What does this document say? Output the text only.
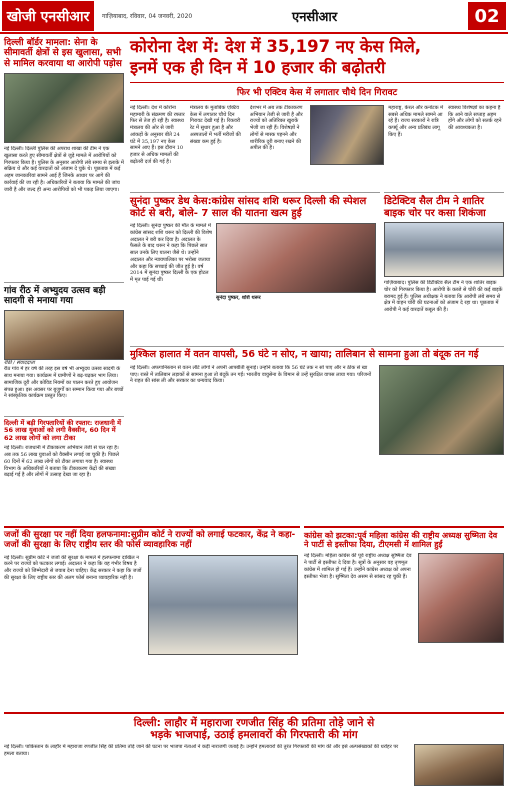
खोजी एनसीआर	गाज़ियाबाद, रविवार, 04 जनवरी, 2020	एनसीआर	02
दिल्ली बॉर्डर मामला: सेना के सीमावर्ती क्षेत्रों से इस खुलासा, सभी से मामिल करवाया था आरोपी पड़ोस
नई दिल्ली। दिल्ली पुलिस की अपराध शाखा की टीम ने एक खुलासा करते हुए सीमावर्ती क्षेत्रों से जुड़े मामले में आरोपियों को गिरफ्तार किया है। पुलिस के अनुसार आरोपी लंबे समय से इलाके में सक्रिय थे और कई वारदातों को अंजाम दे चुके थे। पूछताछ में कई अहम जानकारियां सामने आई हैं जिनके आधार पर आगे की कार्रवाई की जा रही है। अधिकारियों ने बताया कि मामले की जांच जारी है और जल्द ही अन्य आरोपियों को भी पकड़ लिया जाएगा।
गांव रीठ में अभ्युदय उत्सव बड़ी सादगी से मनाया गया
रीठी / संवाददाता
रीठ गांव में हर वर्ष की तरह इस वर्ष भी अभ्युदय उत्सव सादगी के साथ मनाया गया। कार्यक्रम में ग्रामीणों ने बढ़-चढ़कर भाग लिया। सामाजिक दूरी और कोविड नियमों का पालन करते हुए आयोजन संपन्न हुआ। इस अवसर पर बुजुर्गों का सम्मान किया गया और बच्चों ने सांस्कृतिक कार्यक्रम प्रस्तुत किए।
दिल्ली में बड़ी गिरफ्तारियों की रफ्तार: राजधानी में 56 लाख युवाओं को लगी वैक्सीन, 60 दिन में 62 लाख लोगों को लगा टीका
नई दिल्ली। राजधानी में टीकाकरण अभियान तेजी से चल रहा है। अब तक 56 लाख युवाओं को वैक्सीन लगाई जा चुकी है। पिछले 60 दिनों में 62 लाख लोगों को टीका लगाया गया है। स्वास्थ्य विभाग के अधिकारियों ने बताया कि टीकाकरण केंद्रों की संख्या बढ़ाई गई है और लोगों में उत्साह देखा जा रहा है।
कोरोना देश में: देश में 35,197 नए केस मिले,
इनमें एक ही दिन में 10 हजार की बढ़ोतरी
फिर भी एक्टिव केस में लगातार चौथे दिन गिरावट
नई दिल्ली। देश में कोरोना महामारी के संक्रमण की रफ्तार फिर से तेज हो रही है। स्वास्थ्य मंत्रालय की ओर से जारी आंकड़ों के अनुसार बीते 24 घंटे में 35,197 नए केस सामने आए हैं। इस दौरान 10 हजार से अधिक मामलों की बढ़ोतरी दर्ज की गई है।
मंत्रालय के मुताबिक एक्टिव केस में लगातार चौथे दिन गिरावट देखी गई है। रिकवरी रेट में सुधार हुआ है और अस्पतालों में भर्ती मरीजों की संख्या कम हुई है।
देशभर में अब तक टीकाकरण अभियान तेजी से जारी है और राज्यों को अतिरिक्त खुराकें भेजी जा रही हैं। विशेषज्ञों ने लोगों से मास्क पहनने और शारीरिक दूरी बनाए रखने की अपील की है।
महाराष्ट्र, केरल और कर्नाटक में सबसे अधिक मामले सामने आ रहे हैं। राज्य सरकारों ने रात्रि कर्फ्यू और अन्य प्रतिबंध लागू किए हैं।
स्वास्थ्य विशेषज्ञों का कहना है कि आने वाले सप्ताह अहम होंगे और लोगों को सतर्क रहने की आवश्यकता है।
सुनंदा पुष्कर डेथ केस:कांग्रेस सांसद शशि थरूर दिल्ली की स्पेशल कोर्ट से बरी, बोले- 7 साल की यातना खत्म हुई
नई दिल्ली। सुनंदा पुष्कर की मौत के मामले में कांग्रेस सांसद शशि थरूर को दिल्ली की विशेष अदालत ने बरी कर दिया है। अदालत के फैसले के बाद थरूर ने कहा कि पिछले सात साल उनके लिए यातना जैसे थे। उन्होंने अदालत और न्यायपालिका पर भरोसा जताया और कहा कि सच्चाई की जीत हुई है। वर्ष 2014 में सुनंदा पुष्कर दिल्ली के एक होटल में मृत पाई गई थीं।
सुनंदा पुष्कर, शशि थरूर
डिटेक्टिव सैल टीम ने शातिर बाइक चोर पर कसा शिकंजा
गाज़ियाबाद। पुलिस की डिटेक्टिव सैल टीम ने एक शातिर बाइक चोर को गिरफ्तार किया है। आरोपी के कब्जे से चोरी की कई बाइकें बरामद हुई हैं। पुलिस अधीक्षक ने बताया कि आरोपी लंबे समय से क्षेत्र में वाहन चोरी की घटनाओं को अंजाम दे रहा था। पूछताछ में आरोपी ने कई वारदातें कबूल की हैं।
मुश्किल हालात में वतन वापसी, 56 घंटे न सोए, न खाया; तालिबान से सामना हुआ तो बंदूक तन गई
नई दिल्ली। अफगानिस्तान से वतन लौटे लोगों ने अपनी आपबीती सुनाई। उन्होंने बताया कि 56 घंटे तक न सो पाए और न ठीक से खा पाए। रास्ते में तालिबान लड़ाकों से सामना हुआ तो बंदूकें तन गईं। भारतीय वायुसेना के विमान से उन्हें सुरक्षित वापस लाया गया। परिजनों ने राहत की सांस ली और सरकार का धन्यवाद किया।
जजों की सुरक्षा पर नहीं दिया हलफनामा:सुप्रीम कोर्ट ने राज्यों को लगाई फटकार, केंद्र ने कहा- जजों की सुरक्षा के लिए राष्ट्रीय स्तर की फोर्स व्यावहारिक नहीं
नई दिल्ली। सुप्रीम कोर्ट ने जजों की सुरक्षा के मामले में हलफनामा दाखिल न करने पर राज्यों को फटकार लगाई। अदालत ने कहा कि यह गंभीर विषय है और राज्यों को जिम्मेदारी से जवाब देना चाहिए। केंद्र सरकार ने कहा कि जजों की सुरक्षा के लिए राष्ट्रीय स्तर की अलग फोर्स बनाना व्यावहारिक नहीं है।
कांग्रेस को झटका:पूर्व महिला कांग्रेस की राष्ट्रीय अध्यक्ष सुष्मिता देव ने पार्टी से इस्तीफा दिया, टीएमसी में शामिल हुईं
नई दिल्ली। महिला कांग्रेस की पूर्व राष्ट्रीय अध्यक्ष सुष्मिता देव ने पार्टी से इस्तीफा दे दिया है। सूत्रों के अनुसार वह तृणमूल कांग्रेस में शामिल हो गई हैं। उन्होंने कांग्रेस अध्यक्ष को अपना इस्तीफा भेजा है। सुष्मिता देव असम से सांसद रह चुकी हैं।
दिल्ली: लाहौर में महाराजा रणजीत सिंह की प्रतिमा तोड़े जाने से
भड़के भाजपाई, उठाई हमलावरों की गिरफ्तारी की मांग
नई दिल्ली। पाकिस्तान के लाहौर में महाराजा रणजीत सिंह की प्रतिमा तोड़े जाने की घटना पर भाजपा नेताओं ने कड़ी नाराजगी जताई है। उन्होंने हमलावरों की तुरंत गिरफ्तारी की मांग की और इसे अल्पसंख्यकों की धरोहर पर हमला बताया।
